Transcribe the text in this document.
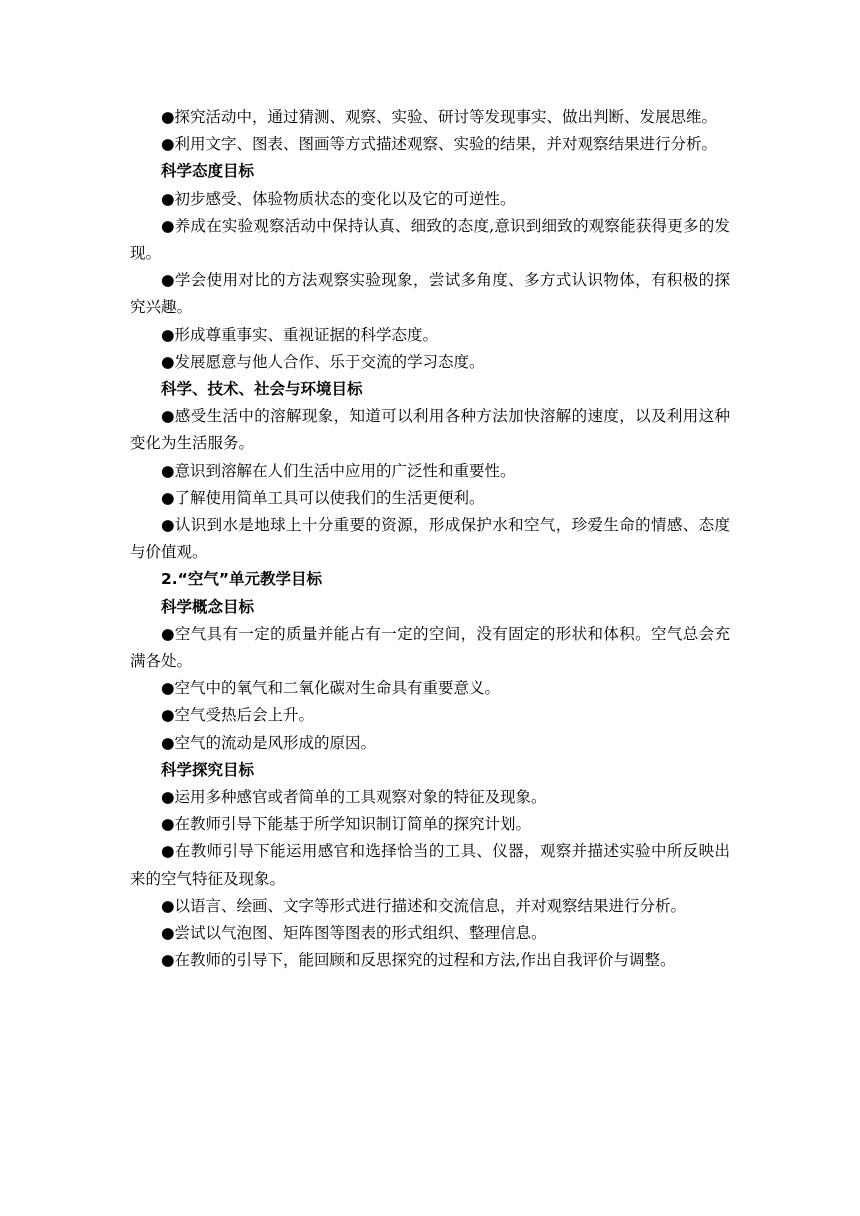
●探究活动中，通过猜测、观察、实验、研讨等发现事实、做出判断、发展思维。

●利用文字、图表、图画等方式描述观察、实验的结果，并对观察结果进行分析。

科学态度目标

●初步感受、体验物质状态的变化以及它的可逆性。

●养成在实验观察活动中保持认真、细致的态度,意识到细致的观察能获得更多的发现。

●学会使用对比的方法观察实验现象，尝试多角度、多方式认识物体，有积极的探究兴趣。

●形成尊重事实、重视证据的科学态度。

●发展愿意与他人合作、乐于交流的学习态度。

科学、技术、社会与环境目标

●感受生活中的溶解现象，知道可以利用各种方法加快溶解的速度，以及利用这种变化为生活服务。

●意识到溶解在人们生活中应用的广泛性和重要性。

●了解使用简单工具可以使我们的生活更便利。

●认识到水是地球上十分重要的资源，形成保护水和空气，珍爱生命的情感、态度与价值观。

2.“空气”单元教学目标

科学概念目标

●空气具有一定的质量并能占有一定的空间，没有固定的形状和体积。空气总会充满各处。

●空气中的氧气和二氧化碳对生命具有重要意义。

●空气受热后会上升。

●空气的流动是风形成的原因。

科学探究目标

●运用多种感官或者简单的工具观察对象的特征及现象。

●在教师引导下能基于所学知识制订简单的探究计划。

●在教师引导下能运用感官和选择恰当的工具、仪器，观察并描述实验中所反映出来的空气特征及现象。

●以语言、绘画、文字等形式进行描述和交流信息，并对观察结果进行分析。

●尝试以气泡图、矩阵图等图表的形式组织、整理信息。

●在教师的引导下，能回顾和反思探究的过程和方法,作出自我评价与调整。
